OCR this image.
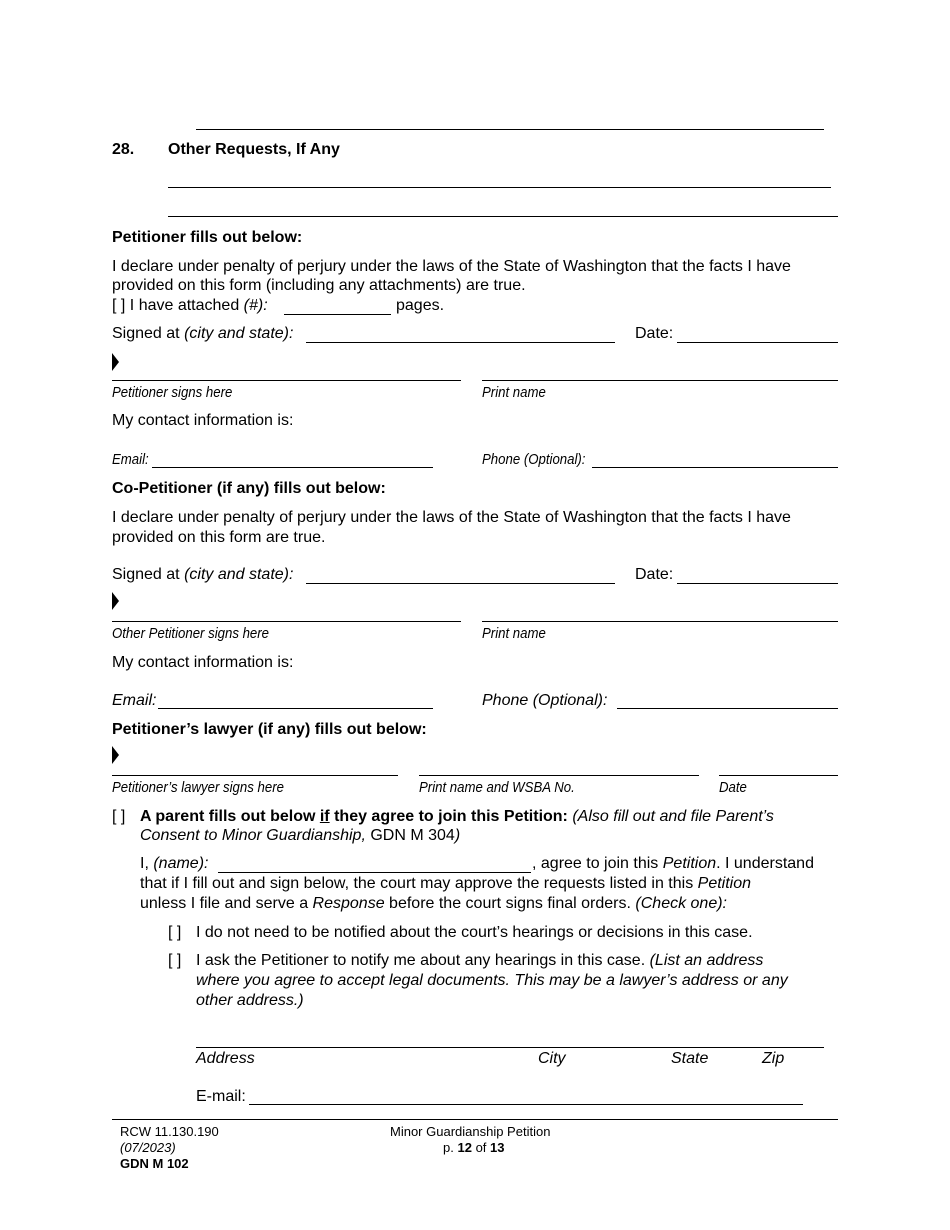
28. Other Requests, If Any
Petitioner fills out below:
I declare under penalty of perjury under the laws of the State of Washington that the facts I have
provided on this form (including any attachments) are true.
[ ] I have attached (#):	pages.
Signed at (city and state):	Date:
Petitioner signs here	Print name
My contact information is:
Email:	Phone (Optional):
Co-Petitioner (if any) fills out below:
I declare under penalty of perjury under the laws of the State of Washington that the facts I have
provided on this form are true.
Signed at (city and state):	Date:
Other Petitioner signs here	Print name
My contact information is:
Email:	Phone (Optional):
Petitioner’s lawyer (if any) fills out below:
Petitioner’s lawyer signs here	Print name and WSBA No.	Date
[ ] A parent fills out below if they agree to join this Petition: (Also fill out and file Parent’s
Consent to Minor Guardianship, GDN M 304)
I, (name):	, agree to join this Petition. I understand
that if I fill out and sign below, the court may approve the requests listed in this Petition
unless I file and serve a Response before the court signs final orders. (Check one):
[ ] I do not need to be notified about the court’s hearings or decisions in this case.
[ ] I ask the Petitioner to notify me about any hearings in this case. (List an address
where you agree to accept legal documents. This may be a lawyer’s address or any
other address.)
Address	City	State	Zip
E-mail:
RCW 11.130.190
(07/2023)
GDN M 102
Minor Guardianship Petition
p. 12 of 13
